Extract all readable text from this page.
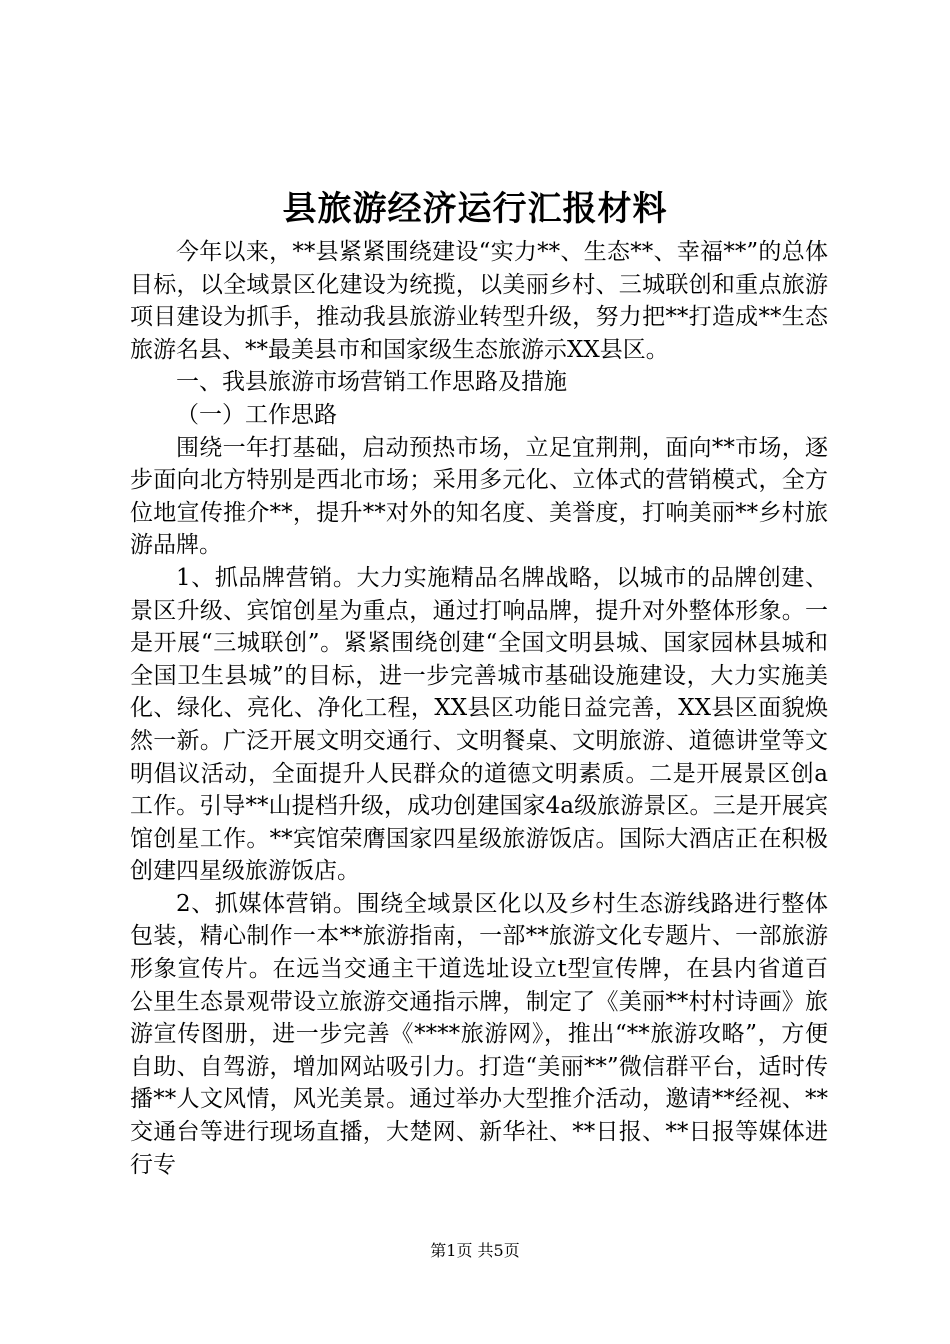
县旅游经济运行汇报材料

今年以来，**县紧紧围绕建设“实力**、生态**、幸福**”的总体目标，以全域景区化建设为统揽，以美丽乡村、三城联创和重点旅游项目建设为抓手，推动我县旅游业转型升级，努力把**打造成**生态旅游名县、**最美县市和国家级生态旅游示XX县区。

一、我县旅游市场营销工作思路及措施

（一）工作思路

围绕一年打基础，启动预热市场，立足宜荆荆，面向**市场，逐步面向北方特别是西北市场；采用多元化、立体式的营销模式，全方位地宣传推介**，提升**对外的知名度、美誉度，打响美丽**乡村旅游品牌。

1、抓品牌营销。大力实施精品名牌战略，以城市的品牌创建、景区升级、宾馆创星为重点，通过打响品牌，提升对外整体形象。一是开展“三城联创”。紧紧围绕创建“全国文明县城、国家园林县城和全国卫生县城”的目标，进一步完善城市基础设施建设，大力实施美化、绿化、亮化、净化工程，XX县区功能日益完善，XX县区面貌焕然一新。广泛开展文明交通行、文明餐桌、文明旅游、道德讲堂等文明倡议活动，全面提升人民群众的道德文明素质。二是开展景区创a工作。引导**山提档升级，成功创建国家4a级旅游景区。三是开展宾馆创星工作。**宾馆荣膺国家四星级旅游饭店。国际大酒店正在积极创建四星级旅游饭店。

2、抓媒体营销。围绕全域景区化以及乡村生态游线路进行整体包装，精心制作一本**旅游指南，一部**旅游文化专题片、一部旅游形象宣传片。在远当交通主干道选址设立t型宣传牌，在县内省道百公里生态景观带设立旅游交通指示牌，制定了《美丽**村村诗画》旅游宣传图册，进一步完善《****旅游网》，推出“**旅游攻略”，方便自助、自驾游，增加网站吸引力。打造“美丽**”微信群平台，适时传播**人文风情，风光美景。通过举办大型推介活动，邀请**经视、**交通台等进行现场直播，大楚网、新华社、**日报、**日报等媒体进行专

第1页 共5页
